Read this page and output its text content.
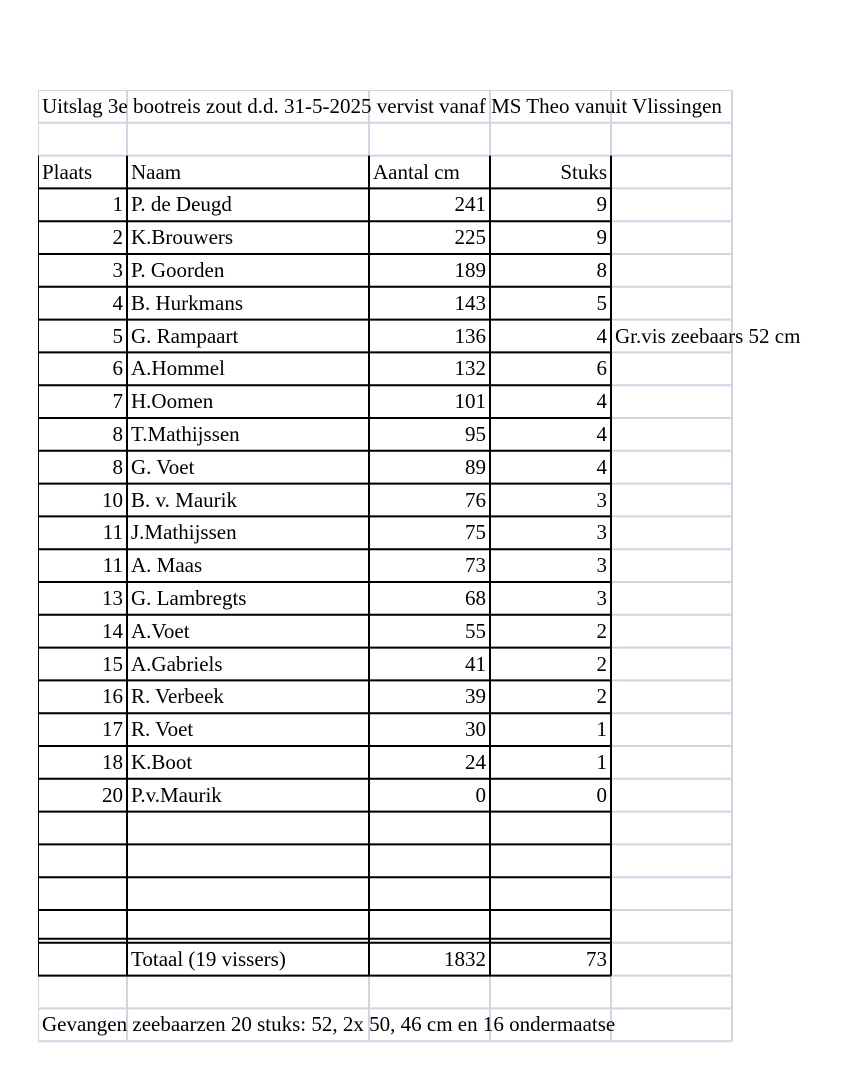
Uitslag 3e bootreis zout d.d. 31-5-2025 vervist vanaf MS Theo vanuit Vlissingen
Plaats	Naam	Aantal cm	Stuks
1 P. de Deugd	241	9
2 K.Brouwers	225	9
3 P. Goorden	189	8
4 B. Hurkmans	143	5
5 G. Rampaart	136	4 Gr.vis zeebaars 52 cm
6 A.Hommel	132	6
7 H.Oomen	101	4
8 T.Mathijssen	95	4
8 G. Voet	89	4
10 B. v. Maurik	76	3
11 J.Mathijssen	75	3
11 A. Maas	73	3
13 G. Lambregts	68	3
14 A.Voet	55	2
15 A.Gabriels	41	2
16 R. Verbeek	39	2
17 R. Voet	30	1
18 K.Boot	24	1
20 P.v.Maurik	0	0
Totaal (19 vissers)	1832	73
Gevangen zeebaarzen 20 stuks: 52, 2x 50, 46 cm en 16 ondermaatse
